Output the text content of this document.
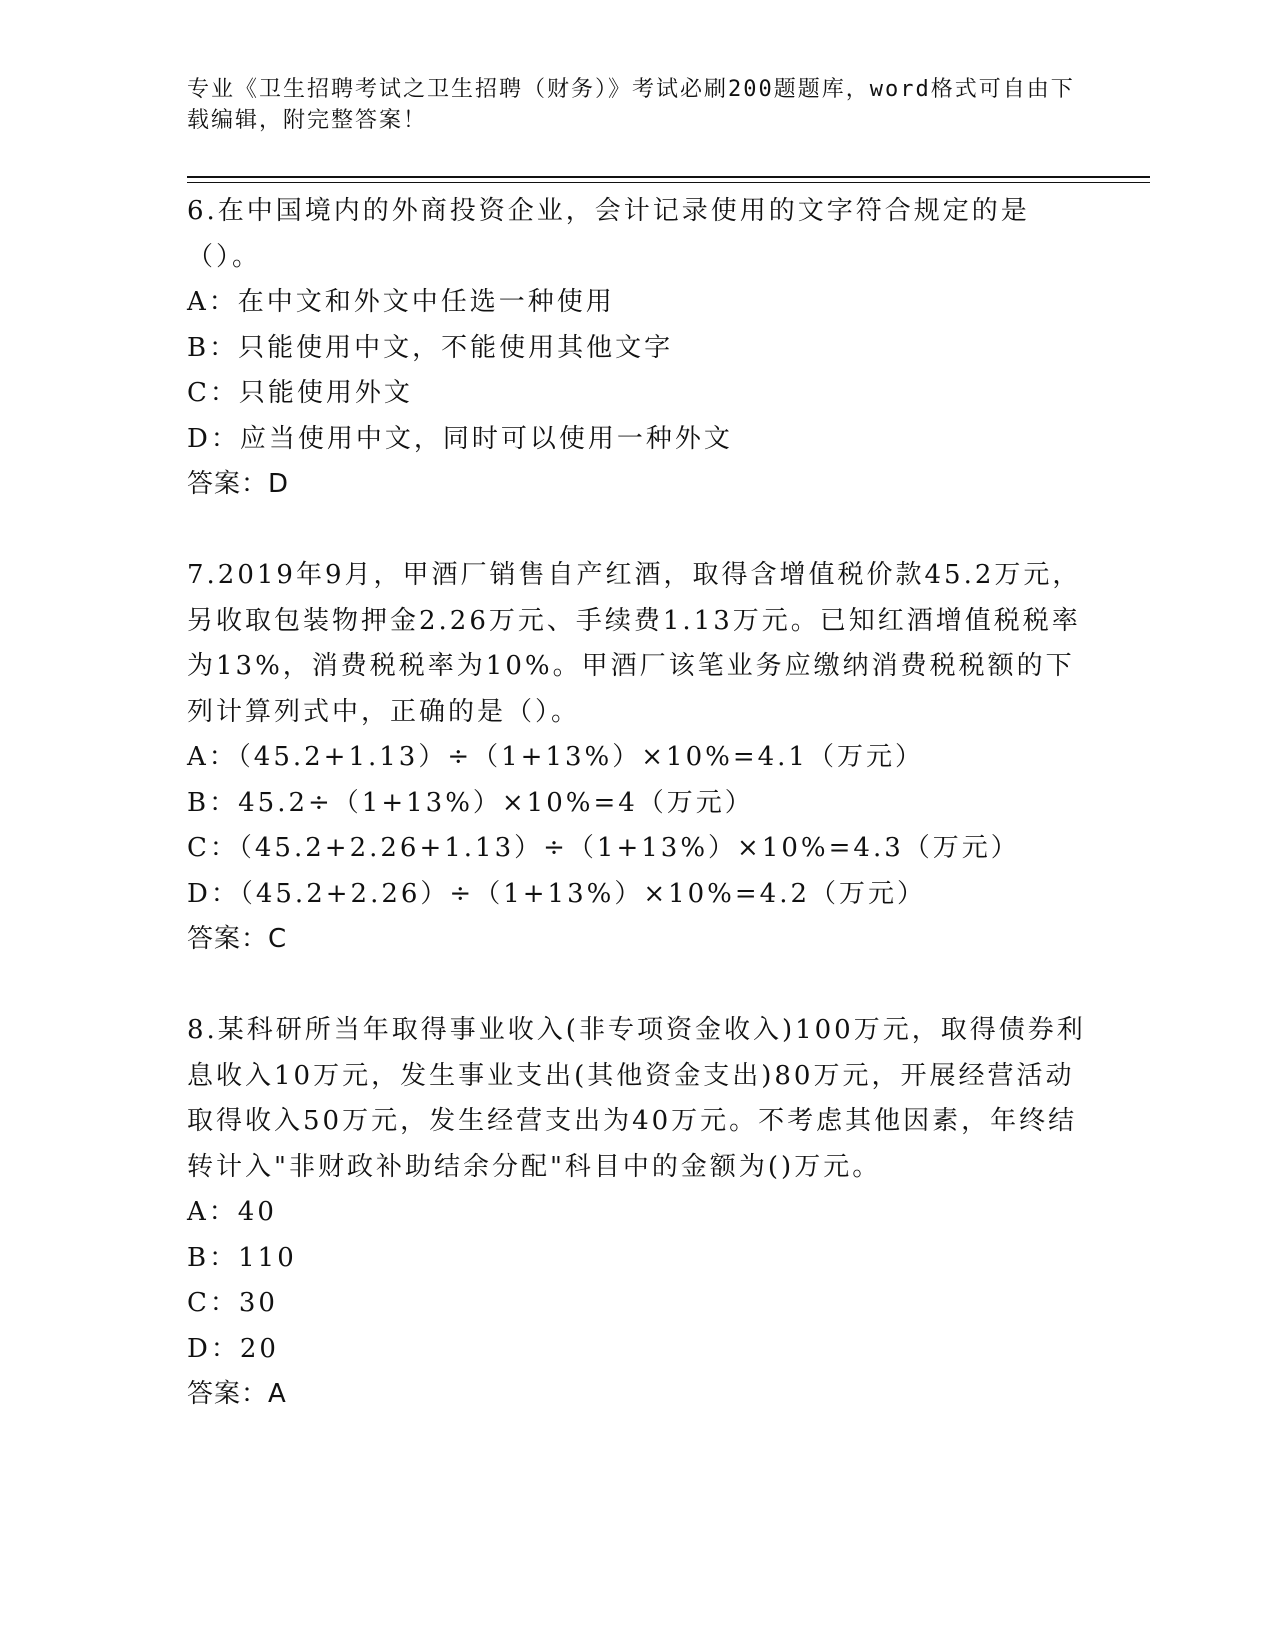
专业《卫生招聘考试之卫生招聘（财务）》考试必刷200题题库，word格式可自由下载编辑，附完整答案！
6.在中国境内的外商投资企业，会计记录使用的文字符合规定的是（）。
A：在中文和外文中任选一种使用
B：只能使用中文，不能使用其他文字
C：只能使用外文
D：应当使用中文，同时可以使用一种外文
答案：D
7.2019年9月，甲酒厂销售自产红酒，取得含增值税价款45.2万元，另收取包装物押金2.26万元、手续费1.13万元。已知红酒增值税税率为13%，消费税税率为10%。甲酒厂该笔业务应缴纳消费税税额的下列计算列式中，正确的是（）。
A：（45.2+1.13）÷（1+13%）×10%=4.1（万元）
B：45.2÷（1+13%）×10%=4（万元）
C：（45.2+2.26+1.13）÷（1+13%）×10%=4.3（万元）
D：（45.2+2.26）÷（1+13%）×10%=4.2（万元）
答案：C
8.某科研所当年取得事业收入(非专项资金收入)100万元，取得债券利息收入10万元，发生事业支出(其他资金支出)80万元，开展经营活动取得收入50万元，发生经营支出为40万元。不考虑其他因素，年终结转计入"非财政补助结余分配"科目中的金额为()万元。
A：40
B：110
C：30
D：20
答案：A
